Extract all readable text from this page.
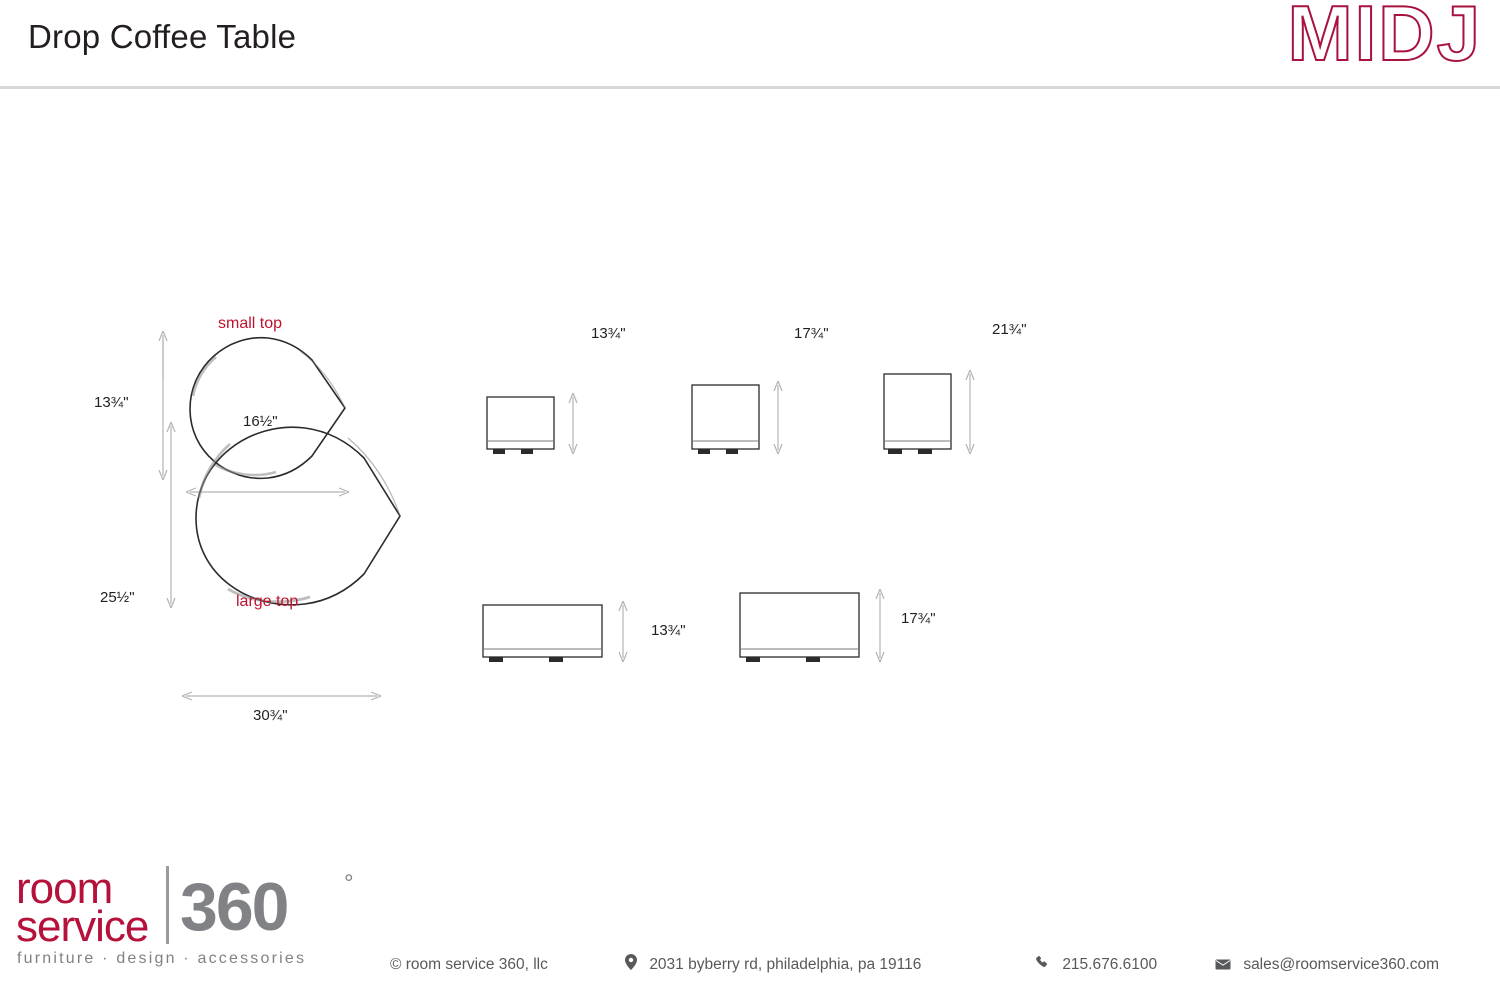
Drop Coffee Table	MIDJ
small top
13¾"
16½"
13¾"	17¾"	21¾"
large top
25½"
30¾"
13¾"
17¾"
room
service 360 °
furniture · design · accessories	© room service 360, llc	2031 byberry rd, philadelphia, pa 19116	215.676.6100	sales@roomservice360.com
